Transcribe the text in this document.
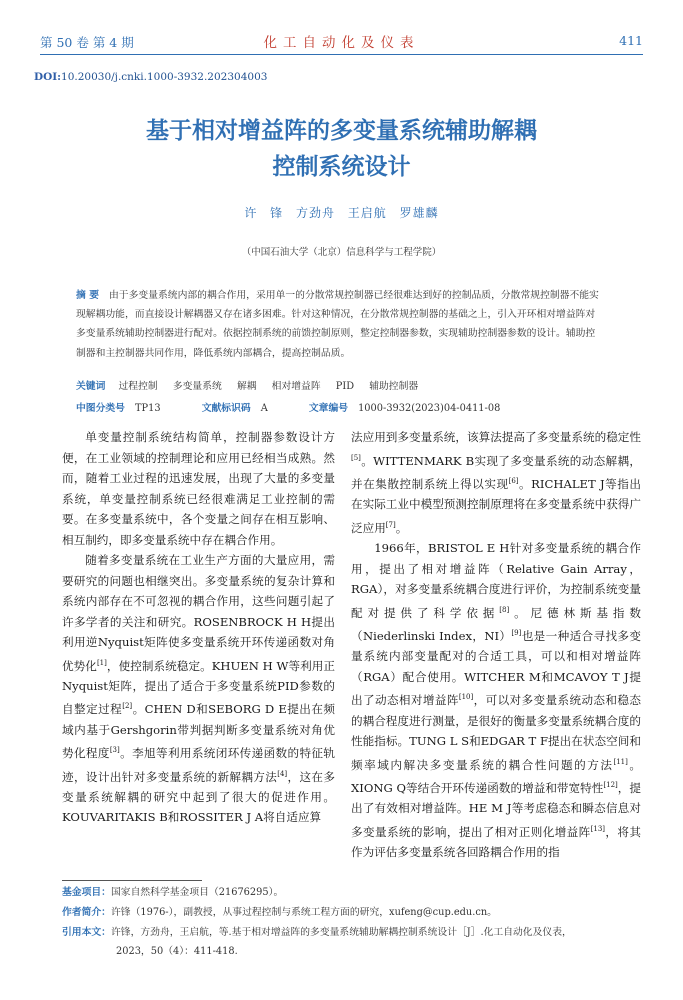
第 50 卷 第 4 期	化工自动化及仪表	411
DOI:10.20030/j.cnki.1000-3932.202304003
基于相对增益阵的多变量系统辅助解耦
控制系统设计
许 锋 方劲舟 王启航 罗雄麟
（中国石油大学（北京）信息科学与工程学院）
摘 要 由于多变量系统内部的耦合作用，采用单一的分散常规控制器已经很难达到好的控制品质，分散常规控制器不能实现解耦功能，而直接设计解耦器又存在诸多困难。针对这种情况，在分散常规控制器的基础之上，引入开环相对增益阵对多变量系统辅助控制器进行配对。依据控制系统的前馈控制原则，整定控制器参数，实现辅助控制器参数的设计。辅助控制器和主控制器共同作用，降低系统内部耦合，提高控制品质。
关键词 过程控制 多变量系统 解耦 相对增益阵 PID 辅助控制器
中图分类号 TP13	文献标识码 A	文章编号 1000-3932(2023)04-0411-08

单变量控制系统结构简单，控制器参数设计方便，在工业领域的控制理论和应用已经相当成熟。然而，随着工业过程的迅速发展，出现了大量的多变量系统，单变量控制系统已经很难满足工业控制的需要。在多变量系统中，各个变量之间存在相互影响、相互制约，即多变量系统中存在耦合作用。

随着多变量系统在工业生产方面的大量应用，需要研究的问题也相继突出。多变量系统的复杂计算和系统内部存在不可忽视的耦合作用，这些问题引起了许多学者的关注和研究。ROSENBROCK H H提出利用逆Nyquist矩阵使多变量系统开环传递函数对角优势化[1]，使控制系统稳定。KHUEN H W等利用正Nyquist矩阵，提出了适合于多变量系统PID参数的自整定过程[2]。CHEN D和SEBORG D E提出在频域内基于Gershgorin带判据判断多变量系统对角优势化程度[3]。李旭等利用系统闭环传递函数的特征轨迹，设计出针对多变量系统的新解耦方法[4]，这在多变量系统解耦的研究中起到了很大的促进作用。KOUVARITAKIS B和ROSSITER J A将自适应算

法应用到多变量系统，该算法提高了多变量系统的稳定性[5]。WITTENMARK B实现了多变量系统的动态解耦，并在集散控制系统上得以实现[6]。RICHALET J等指出在实际工业中模型预测控制原理将在多变量系统中获得广泛应用[7]。

1966年，BRISTOL E H针对多变量系统的耦合作用，提出了相对增益阵（Relative Gain Array，RGA），对多变量系统耦合度进行评价，为控制系统变量配对提供了科学依据[8]。尼德林斯基指数（Niederlinski Index，NI）[9]也是一种适合寻找多变量系统内部变量配对的合适工具，可以和相对增益阵（RGA）配合使用。WITCHER M和MCAVOY T J提出了动态相对增益阵[10]，可以对多变量系统动态和稳态的耦合程度进行测量，是很好的衡量多变量系统耦合度的性能指标。TUNG L S和EDGAR T F提出在状态空间和频率域内解决多变量系统的耦合性问题的方法[11]。XIONG Q等结合开环传递函数的增益和带宽特性[12]，提出了有效相对增益阵。HE M J等考虑稳态和瞬态信息对多变量系统的影响，提出了相对正则化增益阵[13]，将其作为评估多变量系统各回路耦合作用的指

基金项目：国家自然科学基金项目（21676295）。
作者简介：许锋（1976-），副教授，从事过程控制与系统工程方面的研究，xufeng@cup.edu.cn。
引用本文：许锋，方劲舟，王启航，等.基于相对增益阵的多变量系统辅助解耦控制系统设计［J］.化工自动化及仪表，
2023，50（4）：411-418.
